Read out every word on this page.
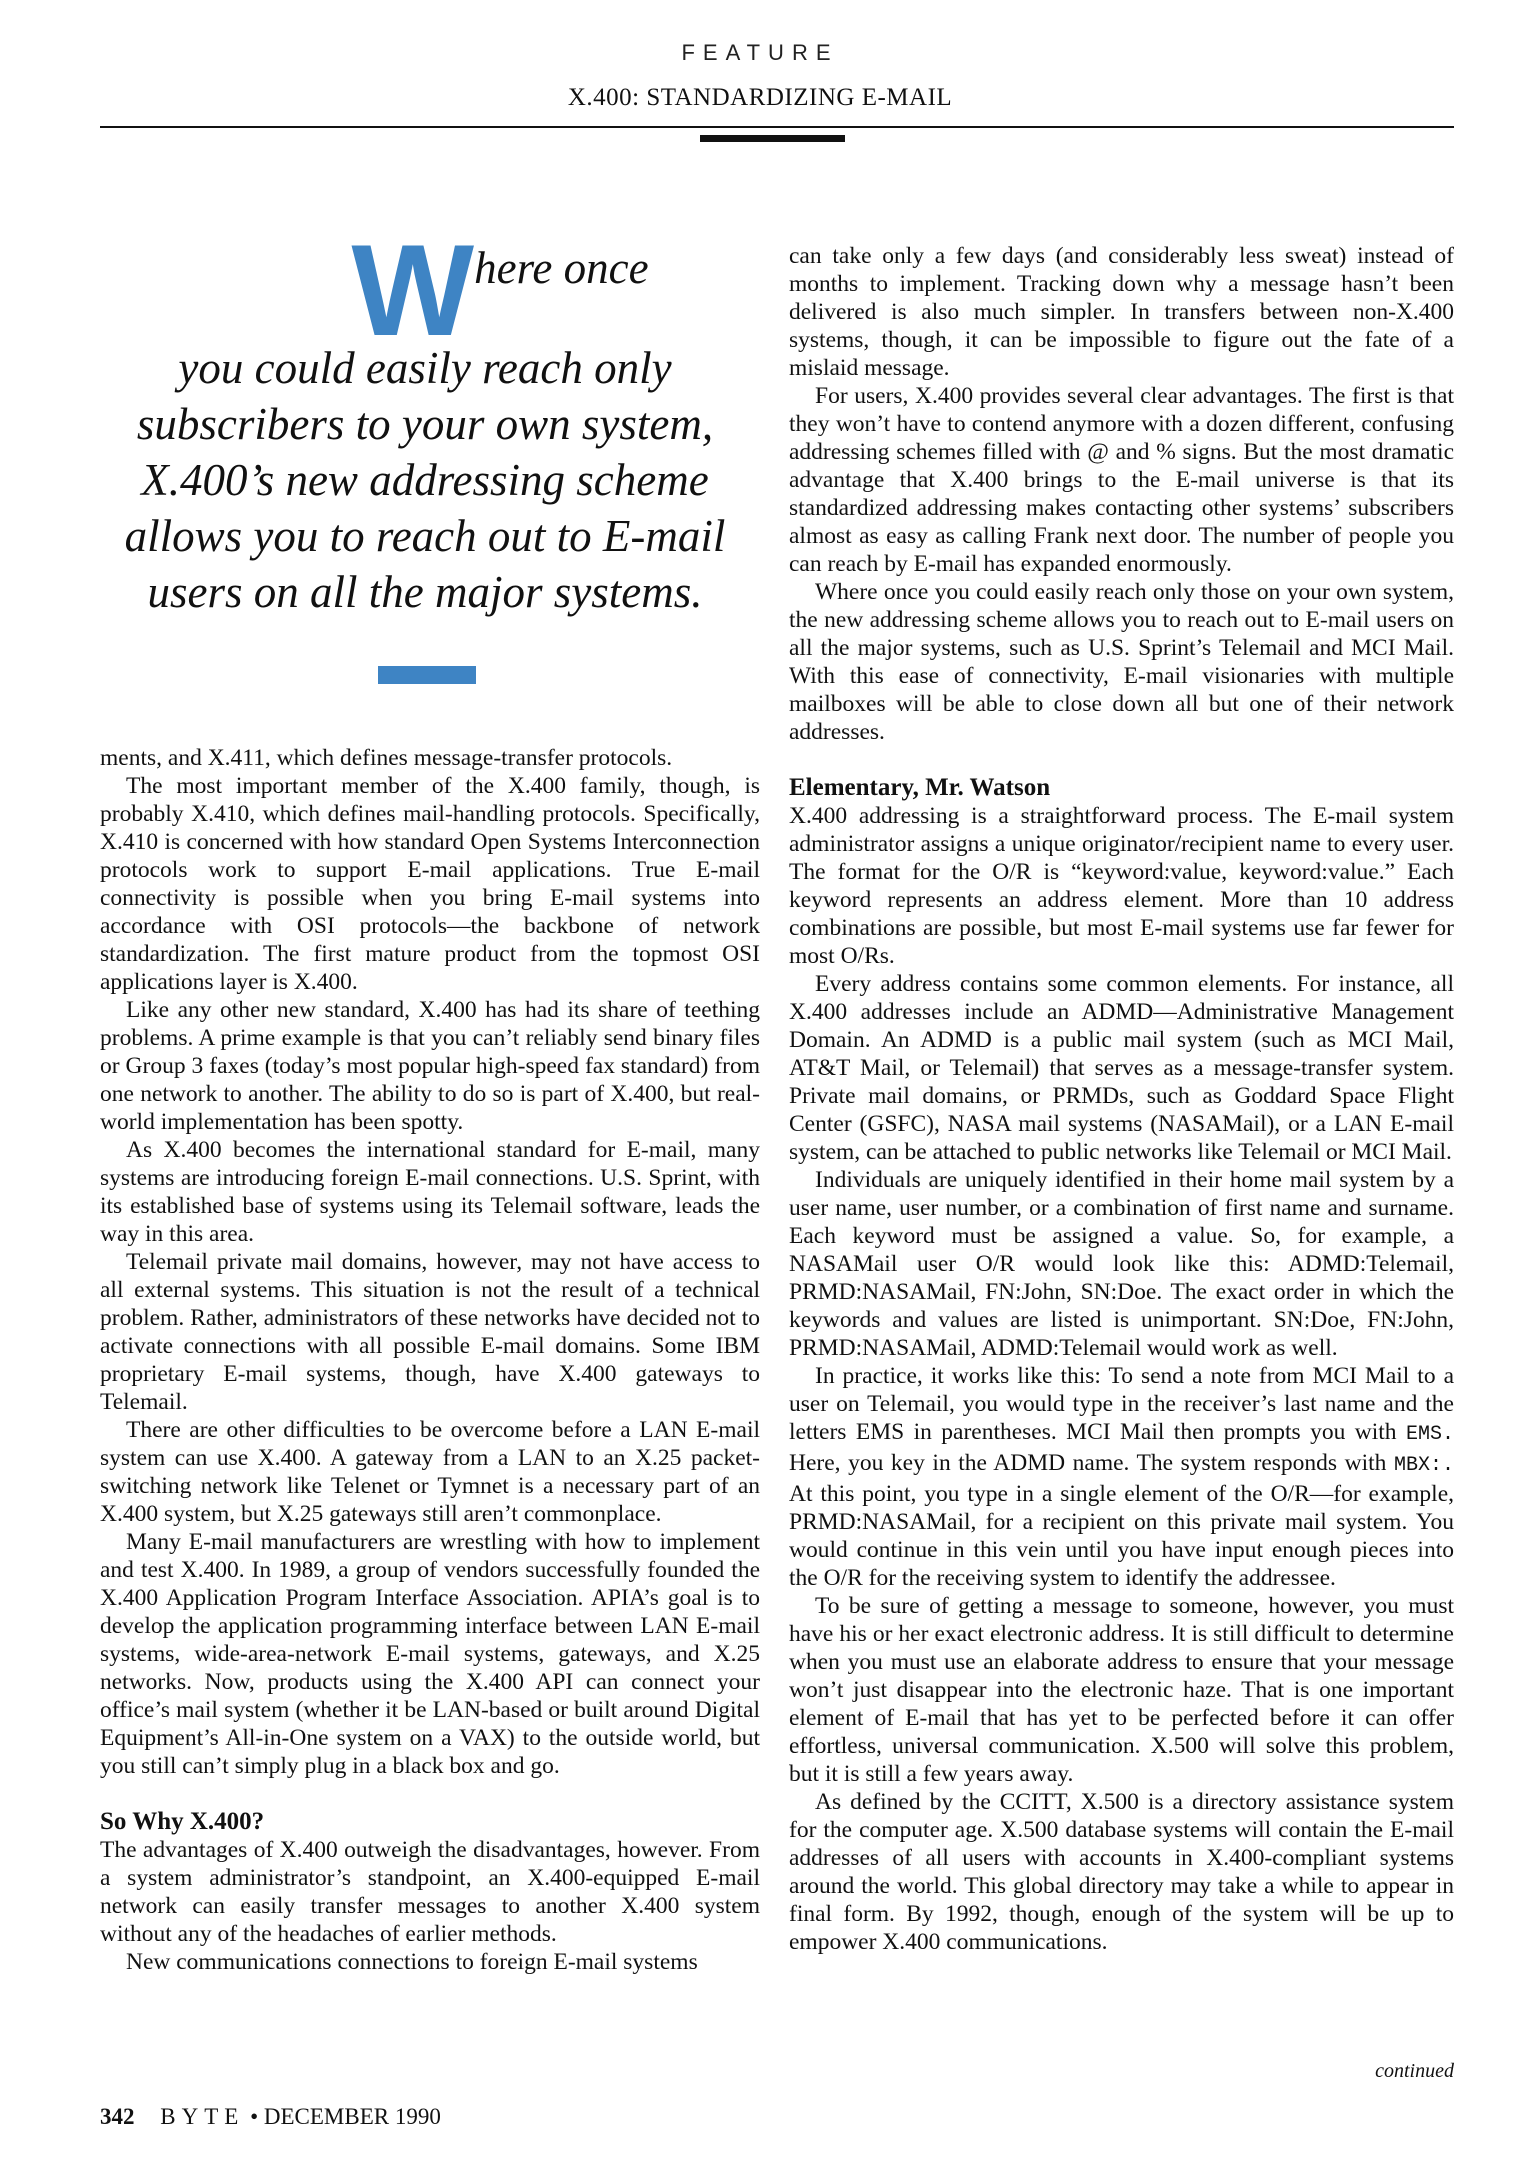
FEATURE
X.400: STANDARDIZING E-MAIL
Where once
you could easily reach only
subscribers to your own system,
X.400’s new addressing scheme
allows you to reach out to E-mail
users on all the major systems.

ments, and X.411, which defines message-transfer protocols.

The most important member of the X.400 family, though, is probably X.410, which defines mail-handling protocols. Specifically, X.410 is concerned with how standard Open Systems Interconnection protocols work to support E-mail applications. True E-mail connectivity is possible when you bring E-mail systems into accordance with OSI protocols—the backbone of network standardization. The first mature product from the topmost OSI applications layer is X.400.

Like any other new standard, X.400 has had its share of teething problems. A prime example is that you can’t reliably send binary files or Group 3 faxes (today’s most popular high-speed fax standard) from one network to another. The ability to do so is part of X.400, but real-world implementation has been spotty.

As X.400 becomes the international standard for E-mail, many systems are introducing foreign E-mail connections. U.S. Sprint, with its established base of systems using its Telemail software, leads the way in this area.

Telemail private mail domains, however, may not have access to all external systems. This situation is not the result of a technical problem. Rather, administrators of these networks have decided not to activate connections with all possible E-mail domains. Some IBM proprietary E-mail systems, though, have X.400 gateways to Telemail.

There are other difficulties to be overcome before a LAN E-mail system can use X.400. A gateway from a LAN to an X.25 packet-switching network like Telenet or Tymnet is a necessary part of an X.400 system, but X.25 gateways still aren’t commonplace.

Many E-mail manufacturers are wrestling with how to implement and test X.400. In 1989, a group of vendors successfully founded the X.400 Application Program Interface Association. APIA’s goal is to develop the application programming interface between LAN E-mail systems, wide-area-network E-mail systems, gateways, and X.25 networks. Now, products using the X.400 API can connect your office’s mail system (whether it be LAN-based or built around Digital Equipment’s All-in-One system on a VAX) to the outside world, but you still can’t simply plug in a black box and go.

So Why X.400?

The advantages of X.400 outweigh the disadvantages, however. From a system administrator’s standpoint, an X.400-equipped E-mail network can easily transfer messages to another X.400 system without any of the headaches of earlier methods.

New communications connections to foreign E-mail systems

can take only a few days (and considerably less sweat) instead of months to implement. Tracking down why a message hasn’t been delivered is also much simpler. In transfers between non-X.400 systems, though, it can be impossible to figure out the fate of a mislaid message.

For users, X.400 provides several clear advantages. The first is that they won’t have to contend anymore with a dozen different, confusing addressing schemes filled with @ and % signs. But the most dramatic advantage that X.400 brings to the E-mail universe is that its standardized addressing makes contacting other systems’ subscribers almost as easy as calling Frank next door. The number of people you can reach by E-mail has expanded enormously.

Where once you could easily reach only those on your own system, the new addressing scheme allows you to reach out to E-mail users on all the major systems, such as U.S. Sprint’s Telemail and MCI Mail. With this ease of connectivity, E-mail visionaries with multiple mailboxes will be able to close down all but one of their network addresses.

Elementary, Mr. Watson

X.400 addressing is a straightforward process. The E-mail system administrator assigns a unique originator/recipient name to every user. The format for the O/R is “keyword:value, keyword:value.” Each keyword represents an address element. More than 10 address combinations are possible, but most E-mail systems use far fewer for most O/Rs.

Every address contains some common elements. For instance, all X.400 addresses include an ADMD—Administrative Management Domain. An ADMD is a public mail system (such as MCI Mail, AT&T Mail, or Telemail) that serves as a message-transfer system. Private mail domains, or PRMDs, such as Goddard Space Flight Center (GSFC), NASA mail systems (NASAMail), or a LAN E-mail system, can be attached to public networks like Telemail or MCI Mail.

Individuals are uniquely identified in their home mail system by a user name, user number, or a combination of first name and surname. Each keyword must be assigned a value. So, for example, a NASAMail user O/R would look like this: ADMD:Telemail, PRMD:NASAMail, FN:John, SN:Doe. The exact order in which the keywords and values are listed is unimportant. SN:Doe, FN:John, PRMD:NASAMail, ADMD:Telemail would work as well.

In practice, it works like this: To send a note from MCI Mail to a user on Telemail, you would type in the receiver’s last name and the letters EMS in parentheses. MCI Mail then prompts you with EMS. Here, you key in the ADMD name. The system responds with MBX:. At this point, you type in a single element of the O/R—for example, PRMD:NASAMail, for a recipient on this private mail system. You would continue in this vein until you have input enough pieces into the O/R for the receiving system to identify the addressee.

To be sure of getting a message to someone, however, you must have his or her exact electronic address. It is still difficult to determine when you must use an elaborate address to ensure that your message won’t just disappear into the electronic haze. That is one important element of E-mail that has yet to be perfected before it can offer effortless, universal communication. X.500 will solve this problem, but it is still a few years away.

As defined by the CCITT, X.500 is a directory assistance system for the computer age. X.500 database systems will contain the E-mail addresses of all users with accounts in X.400-compliant systems around the world. This global directory may take a while to appear in final form. By 1992, though, enough of the system will be up to empower X.400 communications.

continued
342 BYTE • DECEMBER 1990
